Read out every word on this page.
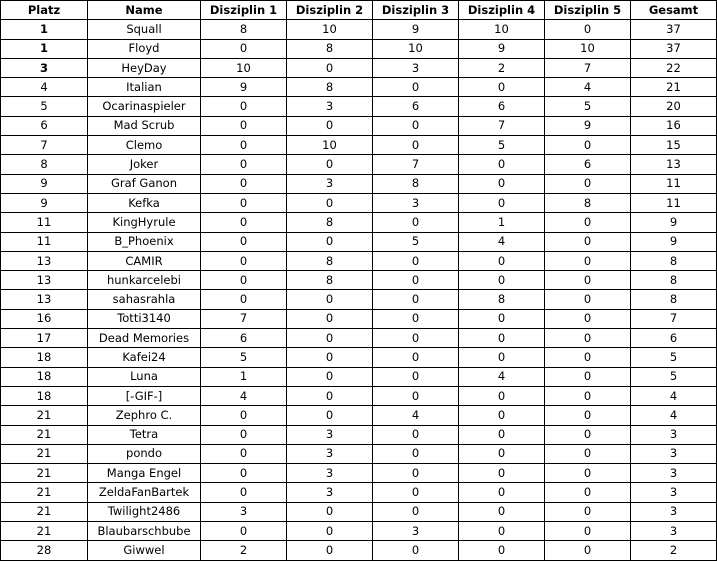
Platz	Name	Disziplin 1	Disziplin 2	Disziplin 3	Disziplin 4	Disziplin 5	Gesamt
1	Squall	8	10	9	10	0	37
1	Floyd	0	8	10	9	10	37
3	HeyDay	10	0	3	2	7	22
4	Italian	9	8	0	0	4	21
5	Ocarinaspieler	0	3	6	6	5	20
6	Mad Scrub	0	0	0	7	9	16
7	Clemo	0	10	0	5	0	15
8	Joker	0	0	7	0	6	13
9	Graf Ganon	0	3	8	0	0	11
9	Kefka	0	0	3	0	8	11
11	KingHyrule	0	8	0	1	0	9
11	B_Phoenix	0	0	5	4	0	9
13	CAMIR	0	8	0	0	0	8
13	hunkarcelebi	0	8	0	0	0	8
13	sahasrahla	0	0	0	8	0	8
16	Totti3140	7	0	0	0	0	7
17	Dead Memories	6	0	0	0	0	6
18	Kafei24	5	0	0	0	0	5
18	Luna	1	0	0	4	0	5
18	[-GIF-]	4	0	0	0	0	4
21	Zephro C.	0	0	4	0	0	4
21	Tetra	0	3	0	0	0	3
21	pondo	0	3	0	0	0	3
21	Manga Engel	0	3	0	0	0	3
21	ZeldaFanBartek	0	3	0	0	0	3
21	Twilight2486	3	0	0	0	0	3
21	Blaubarschbube	0	0	3	0	0	3
28	Giwwel	2	0	0	0	0	2
